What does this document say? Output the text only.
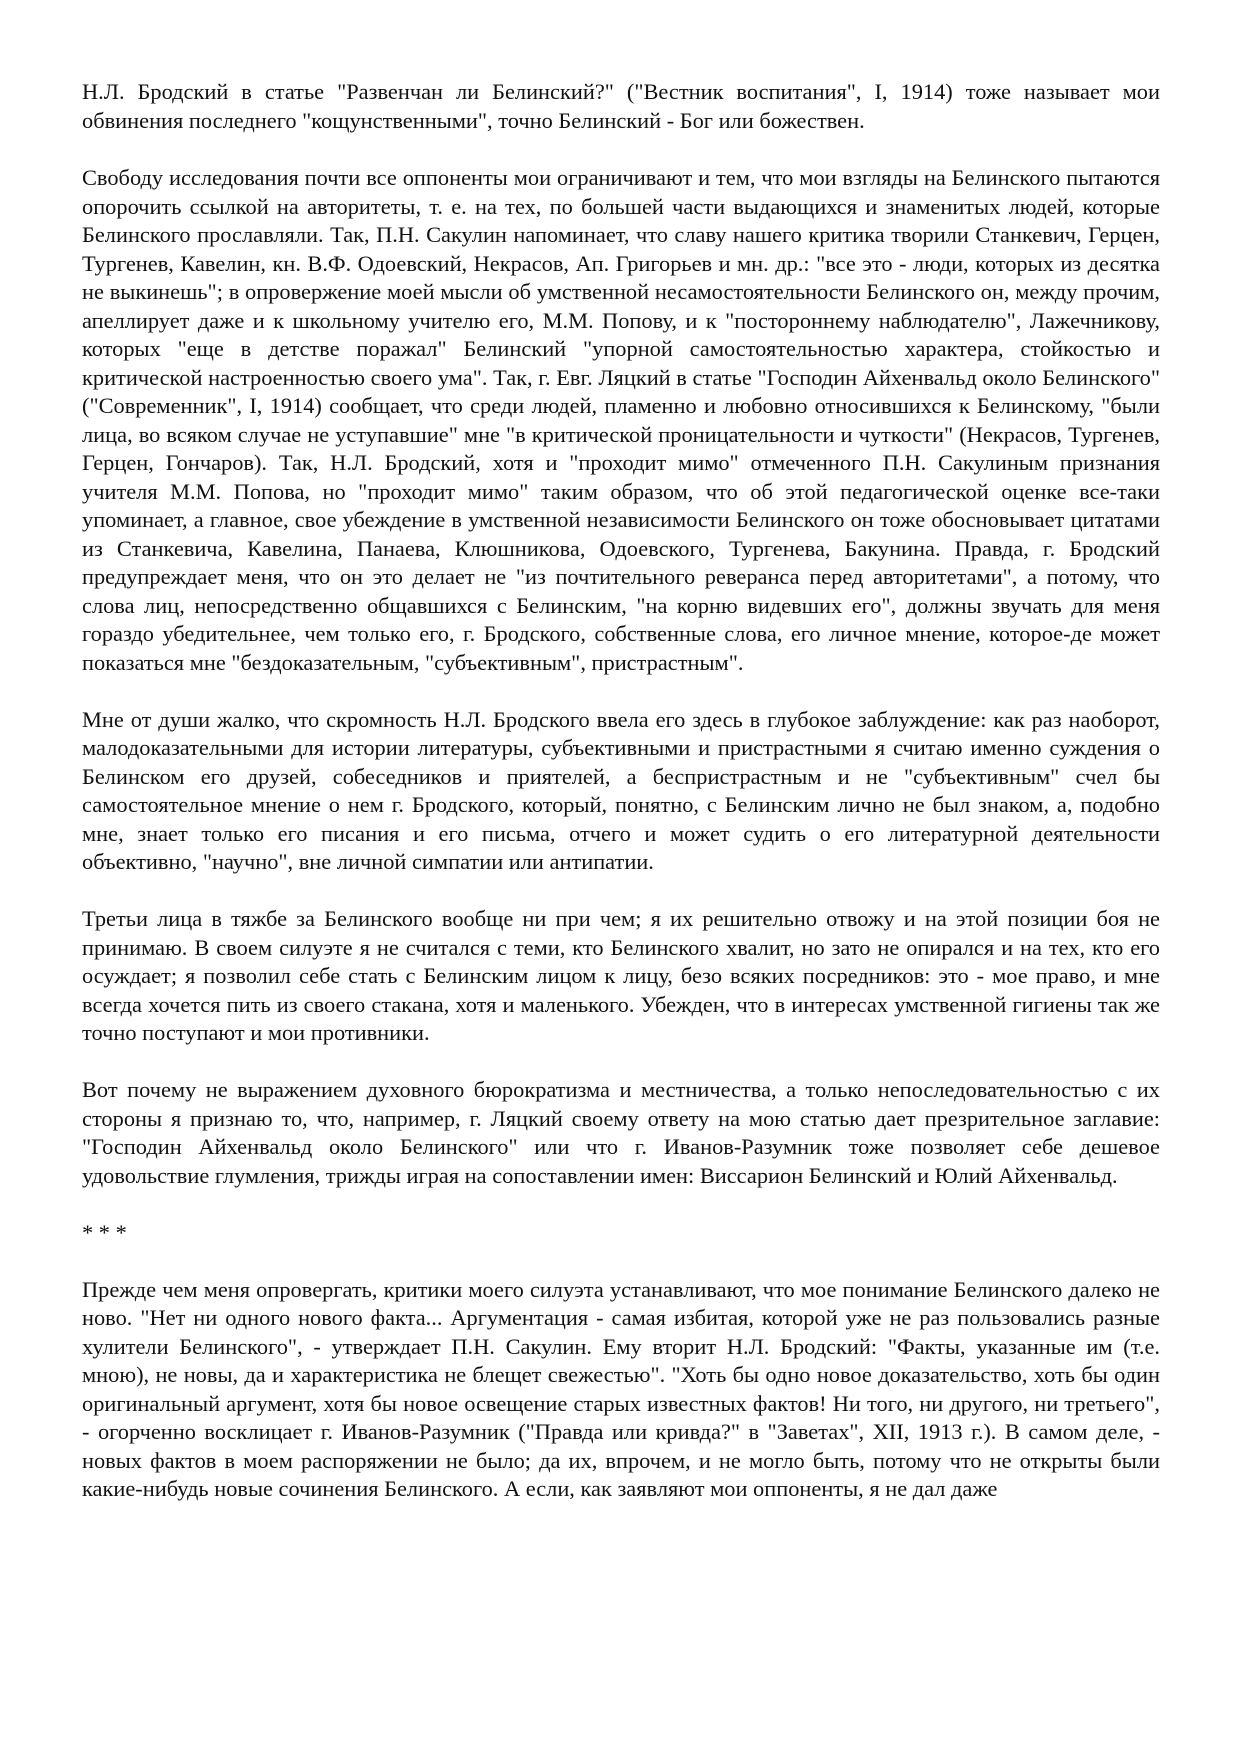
Н.Л. Бродский в статье "Развенчан ли Белинский?" ("Вестник воспитания", I, 1914) тоже называет мои обвинения последнего "кощунственными", точно Белинский - Бог или божествен.

Свободу исследования почти все оппоненты мои ограничивают и тем, что мои взгляды на Белинского пытаются опорочить ссылкой на авторитеты, т. е. на тех, по большей части выдающихся и знаменитых людей, которые Белинского прославляли. Так, П.Н. Сакулин напоминает, что славу нашего критика творили Станкевич, Герцен, Тургенев, Кавелин, кн. В.Ф. Одоевский, Некрасов, Ап. Григорьев и мн. др.: "все это - люди, которых из десятка не выкинешь"; в опровержение моей мысли об умственной несамостоятельности Белинского он, между прочим, апеллирует даже и к школьному учителю его, М.М. Попову, и к "постороннему наблюдателю", Лажечникову, которых "еще в детстве поражал" Белинский "упорной самостоятельностью характера, стойкостью и критической настроенностью своего ума". Так, г. Евг. Ляцкий в статье "Господин Айхенвальд около Белинского" ("Современник", I, 1914) сообщает, что среди людей, пламенно и любовно относившихся к Белинскому, "были лица, во всяком случае не уступавшие" мне "в критической проницательности и чуткости" (Некрасов, Тургенев, Герцен, Гончаров). Так, Н.Л. Бродский, хотя и "проходит мимо" отмеченного П.Н. Сакулиным признания учителя М.М. Попова, но "проходит мимо" таким образом, что об этой педагогической оценке все-таки упоминает, а главное, свое убеждение в умственной независимости Белинского он тоже обосновывает цитатами из Станкевича, Кавелина, Панаева, Клюшникова, Одоевского, Тургенева, Бакунина. Правда, г. Бродский предупреждает меня, что он это делает не "из почтительного реверанса перед авторитетами", а потому, что слова лиц, непосредственно общавшихся с Белинским, "на корню видевших его", должны звучать для меня гораздо убедительнее, чем только его, г. Бродского, собственные слова, его личное мнение, которое-де может показаться мне "бездоказательным, "субъективным", пристрастным".

Мне от души жалко, что скромность Н.Л. Бродского ввела его здесь в глубокое заблуждение: как раз наоборот, малодоказательными для истории литературы, субъективными и пристрастными я считаю именно суждения о Белинском его друзей, собеседников и приятелей, а беспристрастным и не "субъективным" счел бы самостоятельное мнение о нем г. Бродского, который, понятно, с Белинским лично не был знаком, а, подобно мне, знает только его писания и его письма, отчего и может судить о его литературной деятельности объективно, "научно", вне личной симпатии или антипатии.

Третьи лица в тяжбе за Белинского вообще ни при чем; я их решительно отвожу и на этой позиции боя не принимаю. В своем силуэте я не считался с теми, кто Белинского хвалит, но зато не опирался и на тех, кто его осуждает; я позволил себе стать с Белинским лицом к лицу, безо всяких посредников: это - мое право, и мне всегда хочется пить из своего стакана, хотя и маленького. Убежден, что в интересах умственной гигиены так же точно поступают и мои противники.

Вот почему не выражением духовного бюрократизма и местничества, а только непоследовательностью с их стороны я признаю то, что, например, г. Ляцкий своему ответу на мою статью дает презрительное заглавие: "Господин Айхенвальд около Белинского" или что г. Иванов-Разумник тоже позволяет себе дешевое удовольствие глумления, трижды играя на сопоставлении имен: Виссарион Белинский и Юлий Айхенвальд.

* * *

Прежде чем меня опровергать, критики моего силуэта устанавливают, что мое понимание Белинского далеко не ново. "Нет ни одного нового факта... Аргументация - самая избитая, которой уже не раз пользовались разные хулители Белинского", - утверждает П.Н. Сакулин. Ему вторит Н.Л. Бродский: "Факты, указанные им (т.е. мною), не новы, да и характеристика не блещет свежестью". "Хоть бы одно новое доказательство, хоть бы один оригинальный аргумент, хотя бы новое освещение старых известных фактов! Ни того, ни другого, ни третьего", - огорченно восклицает г. Иванов-Разумник ("Правда или кривда?" в "Заветах", XII, 1913 г.). В самом деле, - новых фактов в моем распоряжении не было; да их, впрочем, и не могло быть, потому что не открыты были какие-нибудь новые сочинения Белинского. А если, как заявляют мои оппоненты, я не дал даже
